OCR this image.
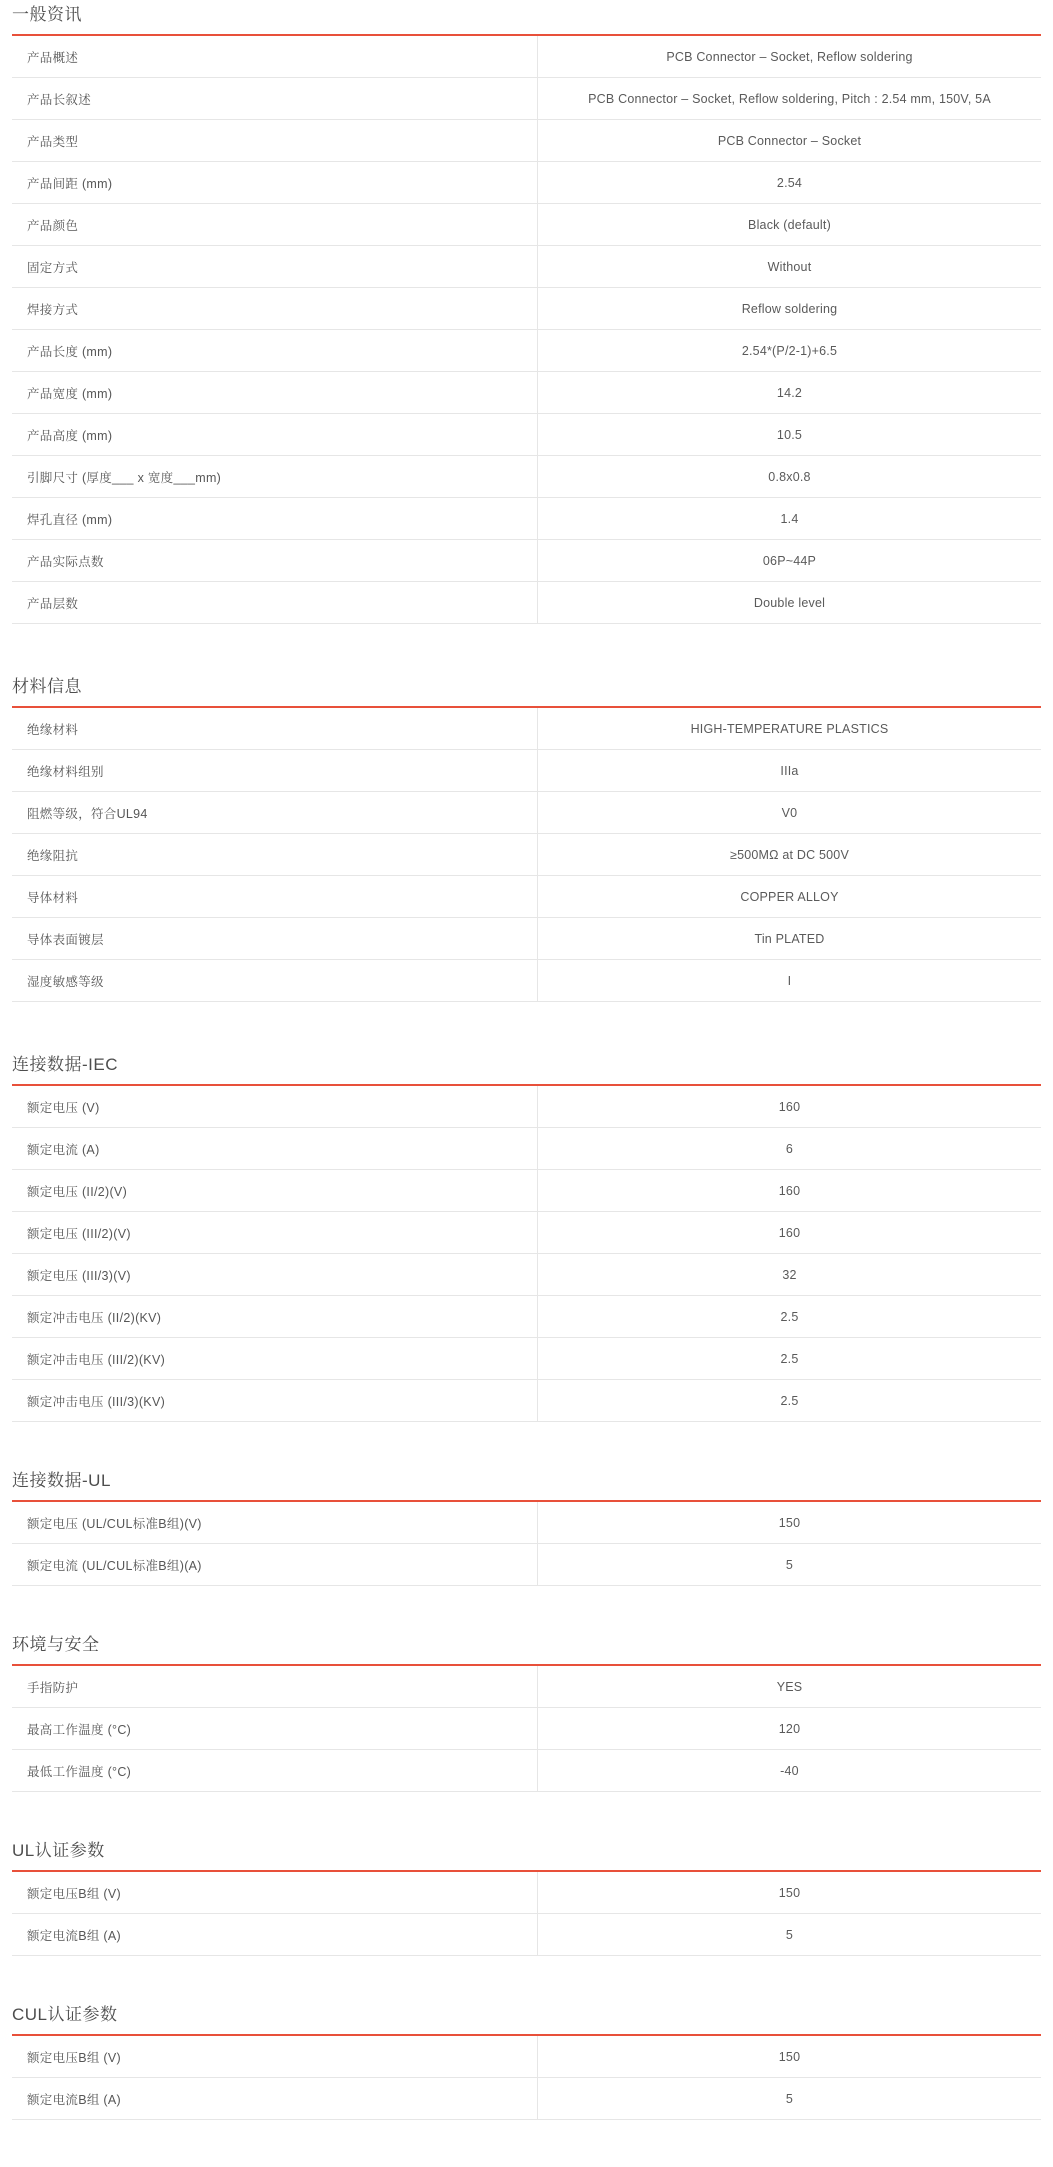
一般资讯
产品概述	PCB Connector – Socket, Reflow soldering
产品长叙述	PCB Connector – Socket, Reflow soldering, Pitch : 2.54 mm, 150V, 5A
产品类型	PCB Connector – Socket
产品间距 (mm)	2.54
产品颜色	Black (default)
固定方式	Without
焊接方式	Reflow soldering
产品长度 (mm)	2.54*(P/2-1)+6.5
产品宽度 (mm)	14.2
产品高度 (mm)	10.5
引脚尺寸 (厚度___ x 宽度___mm)	0.8x0.8
焊孔直径 (mm)	1.4
产品实际点数	06P~44P
产品层数	Double level
材料信息
绝缘材料	HIGH-TEMPERATURE PLASTICS
绝缘材料组别	IIIa
阻燃等级，符合UL94	V0
绝缘阻抗	≥500MΩ at DC 500V
导体材料	COPPER ALLOY
导体表面镀层	Tin PLATED
湿度敏感等级	I
连接数据-IEC
额定电压 (V)	160
额定电流 (A)	6
额定电压 (II/2)(V)	160
额定电压 (III/2)(V)	160
额定电压 (III/3)(V)	32
额定冲击电压 (II/2)(KV)	2.5
额定冲击电压 (III/2)(KV)	2.5
额定冲击电压 (III/3)(KV)	2.5
连接数据-UL
额定电压 (UL/CUL标准B组)(V)	150
额定电流 (UL/CUL标准B组)(A)	5
环境与安全
手指防护	YES
最高工作温度 (°C)	120
最低工作温度 (°C)	-40
UL认证参数
额定电压B组 (V)	150
额定电流B组 (A)	5
CUL认证参数
额定电压B组 (V)	150
额定电流B组 (A)	5
